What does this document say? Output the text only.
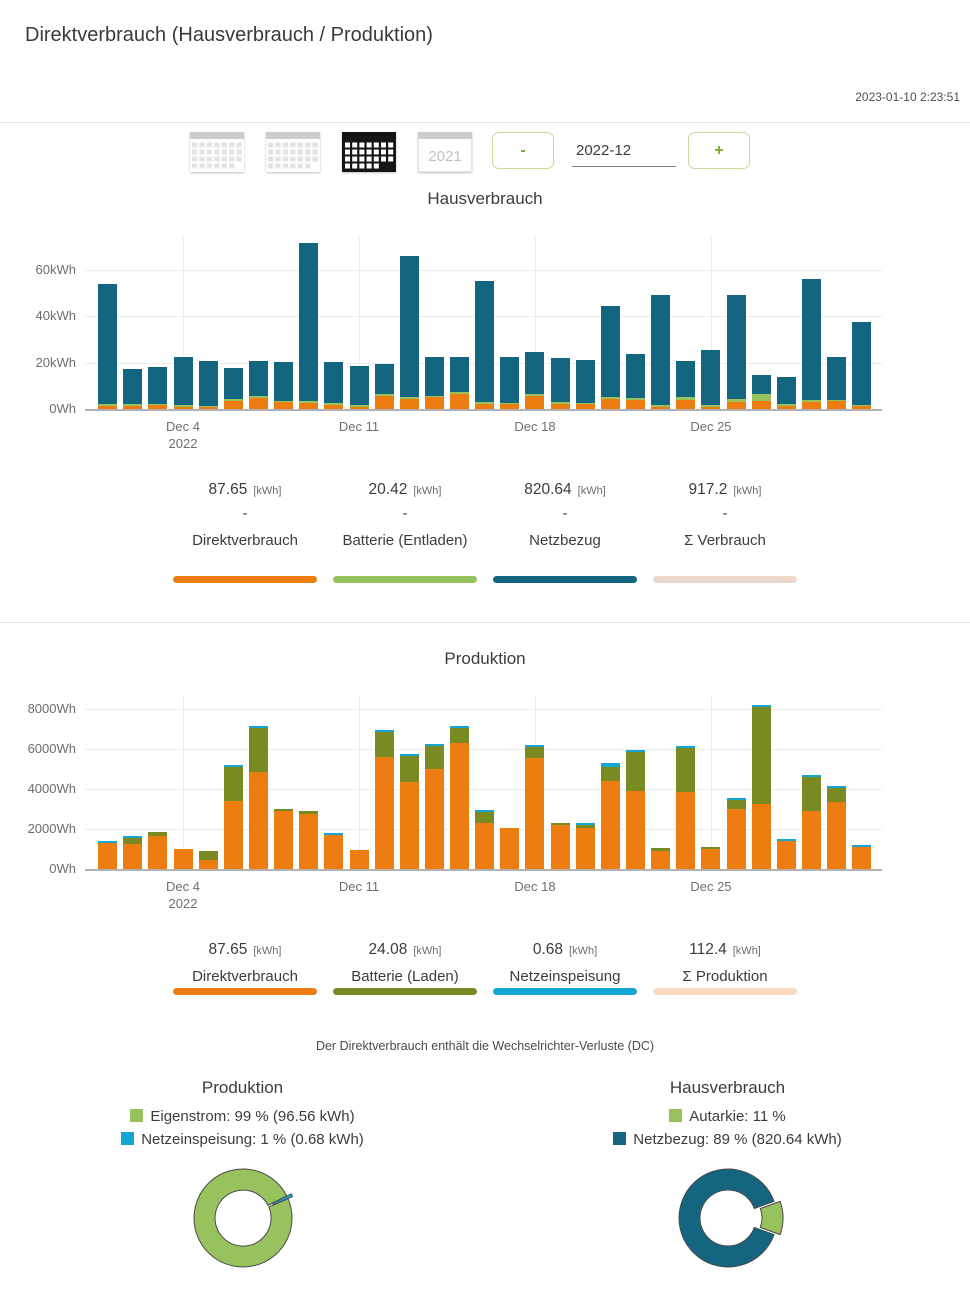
Direktverbrauch (Hausverbrauch / Produktion)
2023-01-10 2:23:51
2021	-
2022-12	+
Hausverbrauch
0Wh
20kWh
40kWh
60kWh
Dec 4
2022
Dec 11	Dec 18	Dec 25
87.65 [kWh]
-
Direktverbrauch
20.42 [kWh]
-
Batterie (Entladen)
820.64 [kWh]
-
Netzbezug
917.2 [kWh]
-
Σ Verbrauch
Produktion
0Wh
2000Wh
4000Wh
6000Wh
8000Wh
Dec 4
2022
Dec 11	Dec 18	Dec 25
87.65 [kWh]
Direktverbrauch
24.08 [kWh]
Batterie (Laden)
0.68 [kWh]
Netzeinspeisung
112.4 [kWh]
Σ Produktion
Der Direktverbrauch enthält die Wechselrichter-Verluste (DC)
Produktion
Eigenstrom: 99 % (96.56 kWh)
Netzeinspeisung: 1 % (0.68 kWh)
Hausverbrauch
Autarkie: 11 %
Netzbezug: 89 % (820.64 kWh)
